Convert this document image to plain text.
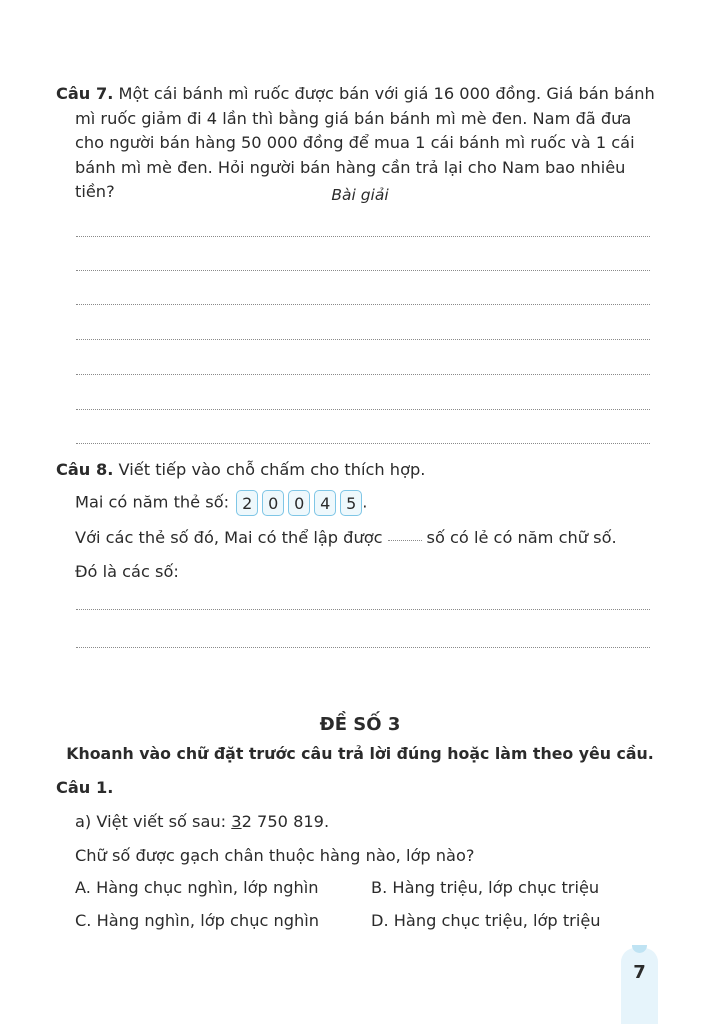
Câu 7. Một cái bánh mì ruốc được bán với giá 16 000 đồng. Giá bán bánh mì ruốc giảm đi 4 lần thì bằng giá bán bánh mì mè đen. Nam đã đưa cho người bán hàng 50 000 đồng để mua 1 cái bánh mì ruốc và 1 cái bánh mì mè đen. Hỏi người bán hàng cần trả lại cho Nam bao nhiêu tiền?	Bài giải
Câu 8. Viết tiếp vào chỗ chấm cho thích hợp.
Mai có năm thẻ số: 2 0 0 4 5 .
Với các thẻ số đó, Mai có thể lập được	số có lẻ có năm chữ số.
Đó là các số:
ĐỀ SỐ 3
Khoanh vào chữ đặt trước câu trả lời đúng hoặc làm theo yêu cầu.
Câu 1.
a) Việt viết số sau: 32 750 819.
Chữ số được gạch chân thuộc hàng nào, lớp nào?
A. Hàng chục nghìn, lớp nghìn	B. Hàng triệu, lớp chục triệu
C. Hàng nghìn, lớp chục nghìn	D. Hàng chục triệu, lớp triệu
7
